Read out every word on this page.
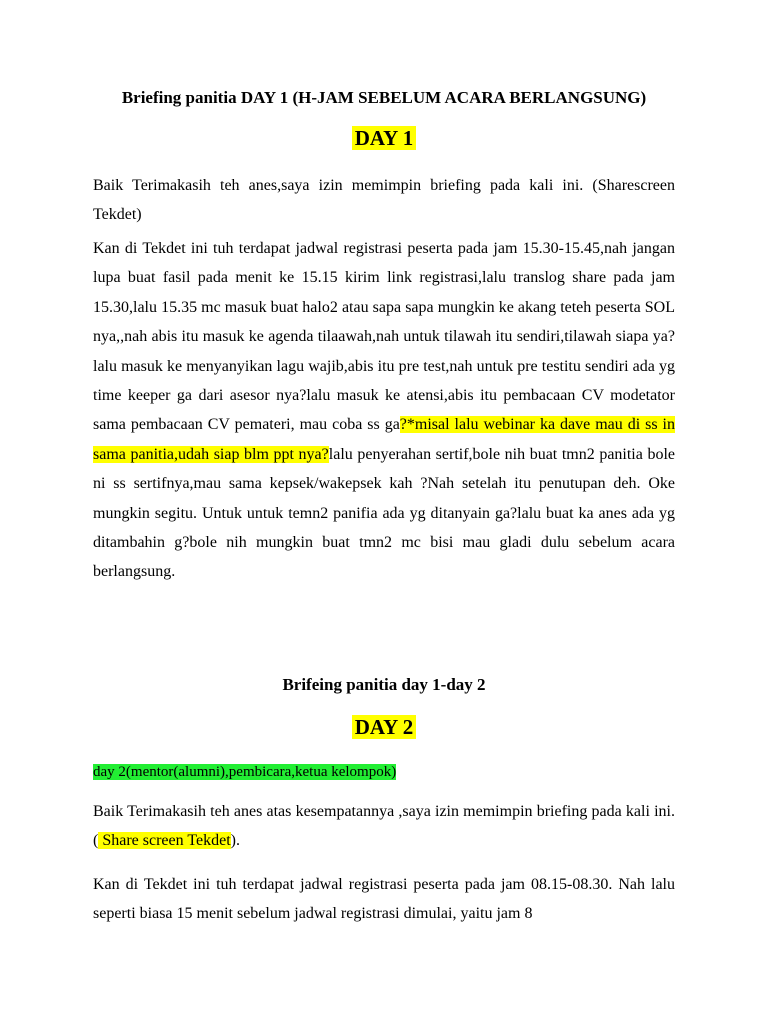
Briefing panitia DAY 1 (H-JAM SEBELUM ACARA BERLANGSUNG)
DAY 1

Baik Terimakasih teh anes,saya izin memimpin briefing pada kali ini. (Sharescreen Tekdet)

Kan di Tekdet ini tuh terdapat jadwal registrasi peserta pada jam 15.30-15.45,nah jangan lupa buat fasil pada menit ke 15.15 kirim link registrasi,lalu translog share pada jam 15.30,lalu 15.35 mc masuk buat halo2 atau sapa sapa mungkin ke akang teteh peserta SOL nya,,nah abis itu masuk ke agenda tilaawah,nah untuk tilawah itu sendiri,tilawah siapa ya?lalu masuk ke menyanyikan lagu wajib,abis itu pre test,nah untuk pre testitu sendiri ada yg time keeper ga dari asesor nya?lalu masuk ke atensi,abis itu pembacaan CV modetator sama pembacaan CV pemateri, mau coba ss ga?*misal lalu webinar ka dave mau di ss in sama panitia,udah siap blm ppt nya?lalu penyerahan sertif,bole nih buat tmn2 panitia bole ni ss sertifnya,mau sama kepsek/wakepsek kah ?Nah setelah itu penutupan deh. Oke mungkin segitu. Untuk untuk temn2 panifia ada yg ditanyain ga?lalu buat ka anes ada yg ditambahin g?bole nih mungkin buat tmn2 mc bisi mau gladi dulu sebelum acara berlangsung.

Brifeing panitia day 1-day 2
DAY 2

day 2(mentor(alumni),pembicara,ketua kelompok)

Baik Terimakasih teh anes atas kesempatannya ,saya izin memimpin briefing pada kali ini.( Share screen Tekdet).

Kan di Tekdet ini tuh terdapat jadwal registrasi peserta pada jam 08.15-08.30. Nah lalu seperti biasa 15 menit sebelum jadwal registrasi dimulai, yaitu jam 8
